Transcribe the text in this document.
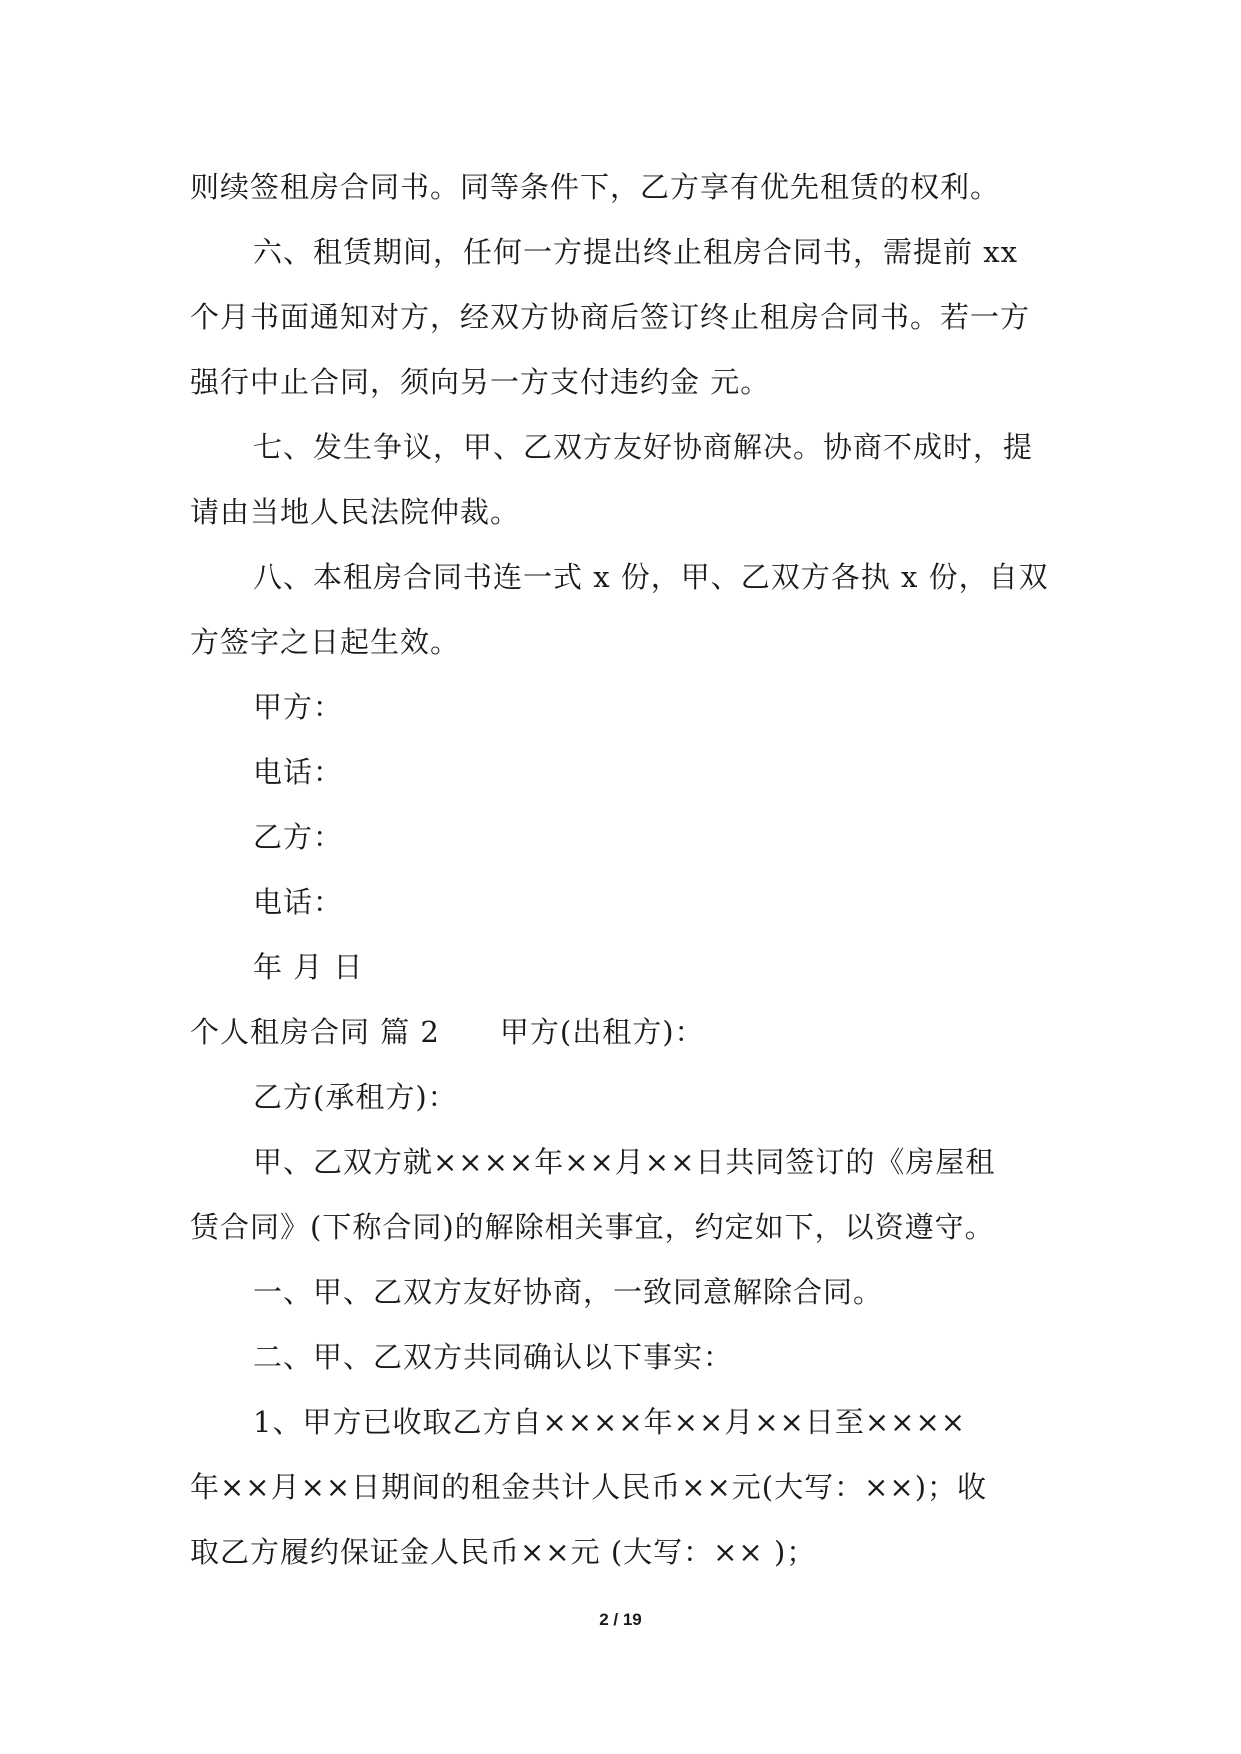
则续签租房合同书。同等条件下，乙方享有优先租赁的权利。
六、租赁期间，任何一方提出终止租房合同书，需提前 xx
个月书面通知对方，经双方协商后签订终止租房合同书。若一方
强行中止合同，须向另一方支付违约金 元。
七、发生争议，甲、乙双方友好协商解决。协商不成时，提
请由当地人民法院仲裁。
八、本租房合同书连一式 x 份，甲、乙双方各执 x 份，自双
方签字之日起生效。
甲方：
电话：
乙方：
电话：
年 月 日
个人租房合同 篇 2 甲方(出租方)：
乙方(承租方)：
甲、乙双方就××××年××月××日共同签订的《房屋租
赁合同》(下称合同)的解除相关事宜，约定如下，以资遵守。
一、甲、乙双方友好协商，一致同意解除合同。
二、甲、乙双方共同确认以下事实：
1、甲方已收取乙方自××××年××月××日至××××
年××月××日期间的租金共计人民币××元(大写：××)；收
取乙方履约保证金人民币××元 (大写：×× )；
2 / 19
